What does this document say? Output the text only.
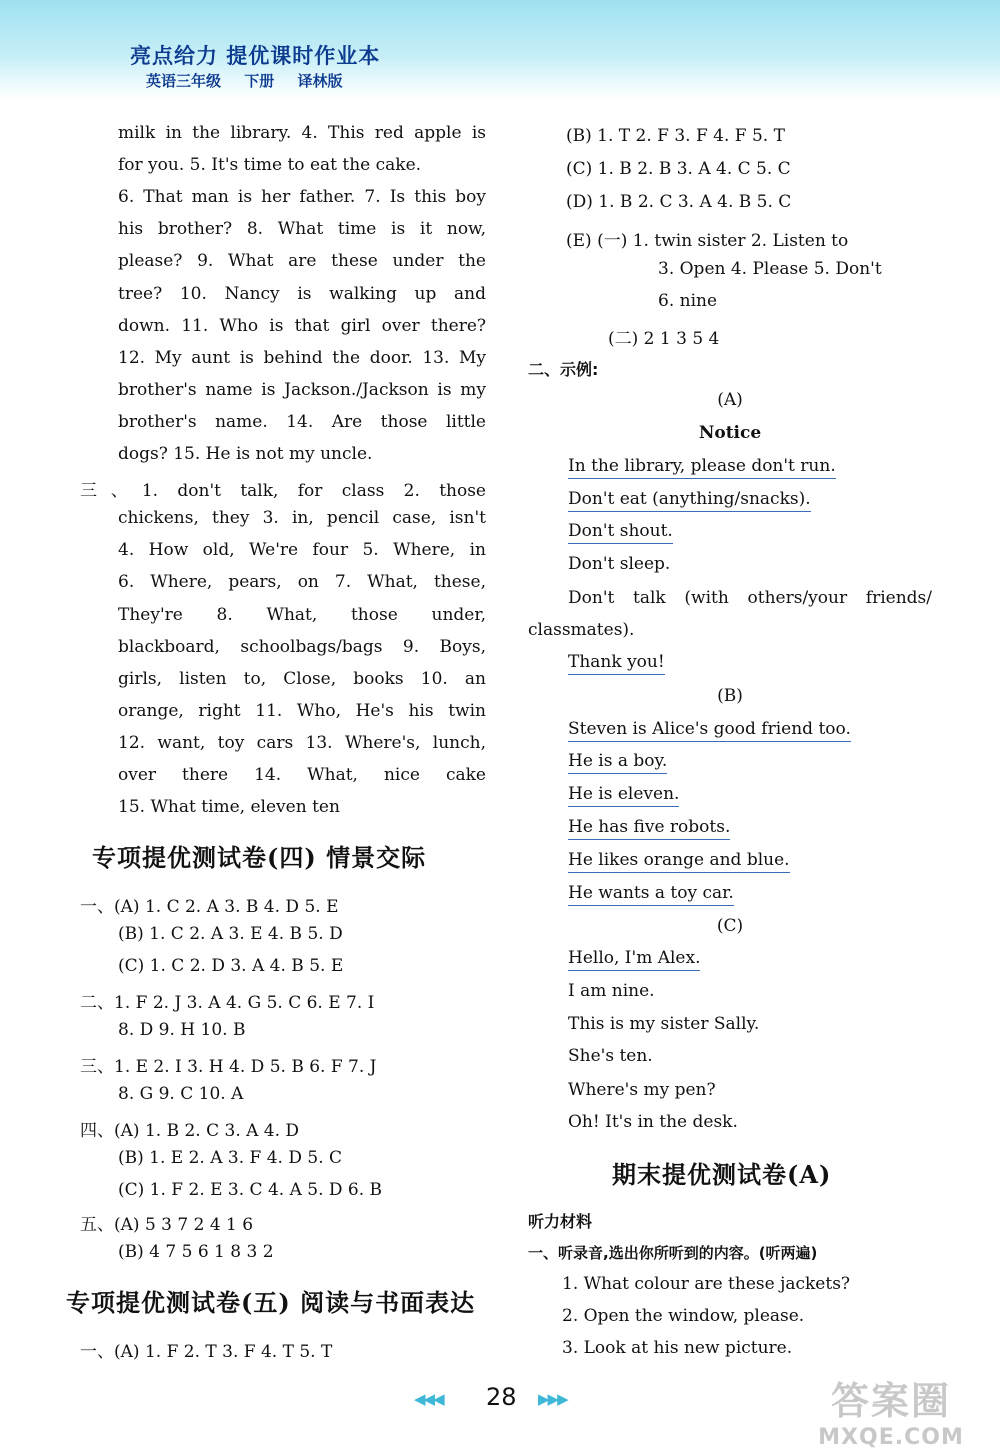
亮点给力 提优课时作业本
英语三年级 下册 译林版
milk in the library. 4. This red apple is
for you. 5. It's time to eat the cake.
6. That man is her father. 7. Is this boy
his brother? 8. What time is it now,
please? 9. What are these under the
tree? 10. Nancy is walking up and
down. 11. Who is that girl over there?
12. My aunt is behind the door. 13. My
brother's name is Jackson./Jackson is my
brother's name. 14. Are those little
dogs? 15. He is not my uncle.
三、1. don't talk, for class 2. those
chickens, they 3. in, pencil case, isn't
4. How old, We're four 5. Where, in
6. Where, pears, on 7. What, these,
They're 8. What, those under,
blackboard, schoolbags/bags 9. Boys,
girls, listen to, Close, books 10. an
orange, right 11. Who, He's his twin
12. want, toy cars 13. Where's, lunch,
over there 14. What, nice cake
15. What time, eleven ten
专项提优测试卷(四) 情景交际
一、(A) 1. C 2. A 3. B 4. D 5. E
(B) 1. C 2. A 3. E 4. B 5. D
(C) 1. C 2. D 3. A 4. B 5. E
二、1. F 2. J 3. A 4. G 5. C 6. E 7. I
8. D 9. H 10. B
三、1. E 2. I 3. H 4. D 5. B 6. F 7. J
8. G 9. C 10. A
四、(A) 1. B 2. C 3. A 4. D
(B) 1. E 2. A 3. F 4. D 5. C
(C) 1. F 2. E 3. C 4. A 5. D 6. B
五、(A) 5 3 7 2 4 1 6
(B) 4 7 5 6 1 8 3 2
专项提优测试卷(五) 阅读与书面表达
一、(A) 1. F 2. T 3. F 4. T 5. T
(B) 1. T 2. F 3. F 4. F 5. T
(C) 1. B 2. B 3. A 4. C 5. C
(D) 1. B 2. C 3. A 4. B 5. C
(E) (一) 1. twin sister 2. Listen to
3. Open 4. Please 5. Don't
6. nine
(二) 2 1 3 5 4
二、示例:
(A)
Notice
In the library, please don't run.
Don't eat (anything/snacks).
Don't shout.
Don't sleep.
Don't talk (with others/your friends/
classmates).
Thank you!
(B)
Steven is Alice's good friend too.
He is a boy.
He is eleven.
He has five robots.
He likes orange and blue.
He wants a toy car.
(C)
Hello, I'm Alex.
I am nine.
This is my sister Sally.
She's ten.
Where's my pen?
Oh! It's in the desk.
期末提优测试卷(A)
听力材料
一、听录音,选出你所听到的内容。(听两遍)
1. What colour are these jackets?
2. Open the window, please.
3. Look at his new picture.
◀◀◀ 28 ▶▶▶	答案圈
MXQE.COM
